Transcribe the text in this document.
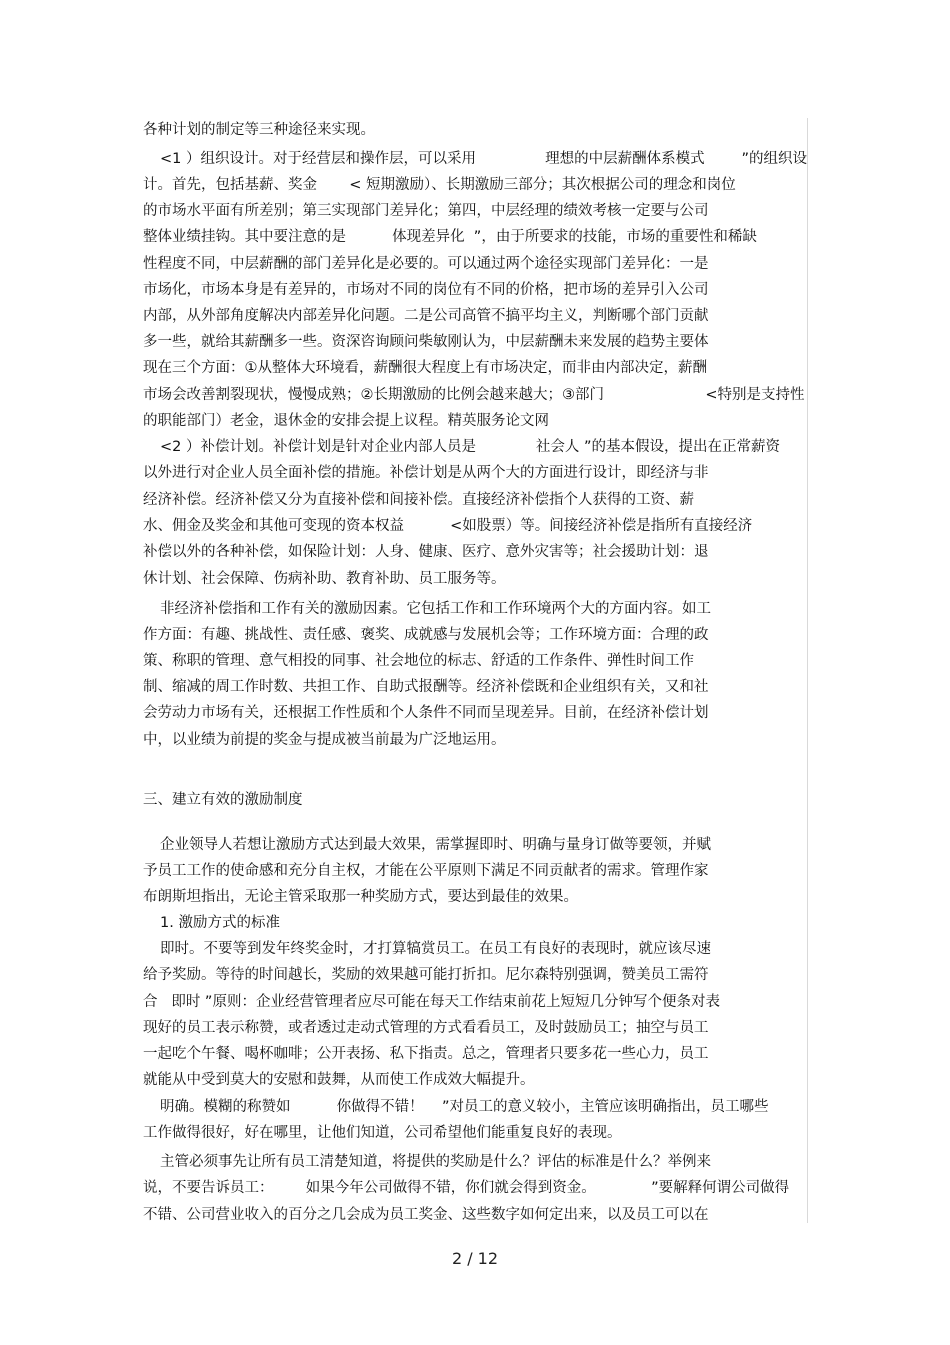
各种计划的制定等三种途径来实现。
<1 ）组织设计。对于经营层和操作层，可以采用               理想的中层薪酬体系模式        ”的组织设
计。首先，包括基薪、奖金       < 短期激励）、长期激励三部分；其次根据公司的理念和岗位
的市场水平面有所差别；第三实现部门差异化；第四，中层经理的绩效考核一定要与公司
整体业绩挂钩。其中要注意的是          体现差异化  ”，由于所要求的技能，市场的重要性和稀缺
性程度不同，中层薪酬的部门差异化是必要的。可以通过两个途径实现部门差异化：一是
市场化，市场本身是有差异的，市场对不同的岗位有不同的价格，把市场的差异引入公司
内部，从外部角度解决内部差异化问题。二是公司高管不搞平均主义，判断哪个部门贡献
多一些，就给其薪酬多一些。资深咨询顾问柴敏刚认为，中层薪酬未来发展的趋势主要体
现在三个方面：①从整体大环境看，薪酬很大程度上有市场决定，而非由内部决定，薪酬
市场会改善割裂现状，慢慢成熟；②长期激励的比例会越来越大；③部门                      <特别是支持性
的职能部门）老金，退休金的安排会提上议程。精英服务论文网
<2 ）补偿计划。补偿计划是针对企业内部人员是             社会人 ”的基本假设，提出在正常薪资
以外进行对企业人员全面补偿的措施。补偿计划是从两个大的方面进行设计，即经济与非
经济补偿。经济补偿又分为直接补偿和间接补偿。直接经济补偿指个人获得的工资、薪
水、佣金及奖金和其他可变现的资本权益          <如股票）等。间接经济补偿是指所有直接经济
补偿以外的各种补偿，如保险计划：人身、健康、医疗、意外灾害等；社会援助计划：退
休计划、社会保障、伤病补助、教育补助、员工服务等。
非经济补偿指和工作有关的激励因素。它包括工作和工作环境两个大的方面内容。如工
作方面：有趣、挑战性、责任感、褒奖、成就感与发展机会等；工作环境方面：合理的政
策、称职的管理、意气相投的同事、社会地位的标志、舒适的工作条件、弹性时间工作
制、缩减的周工作时数、共担工作、自助式报酬等。经济补偿既和企业组织有关，又和社
会劳动力市场有关，还根据工作性质和个人条件不同而呈现差异。目前，在经济补偿计划
中，以业绩为前提的奖金与提成被当前最为广泛地运用。
三、建立有效的激励制度
企业领导人若想让激励方式达到最大效果，需掌握即时、明确与量身订做等要领，并赋
予员工工作的使命感和充分自主权，才能在公平原则下满足不同贡献者的需求。管理作家
布朗斯坦指出，无论主管采取那一种奖励方式，要达到最佳的效果。
1. 激励方式的标准
即时。不要等到发年终奖金时，才打算犒赏员工。在员工有良好的表现时，就应该尽速
给予奖励。等待的时间越长，奖励的效果越可能打折扣。尼尔森特别强调，赞美员工需符
合   即时 ”原则：企业经营管理者应尽可能在每天工作结束前花上短短几分钟写个便条对表
现好的员工表示称赞，或者透过走动式管理的方式看看员工，及时鼓励员工；抽空与员工
一起吃个午餐、喝杯咖啡；公开表扬、私下指责。总之，管理者只要多花一些心力，员工
就能从中受到莫大的安慰和鼓舞，从而使工作成效大幅提升。
明确。模糊的称赞如          你做得不错！    ”对员工的意义较小，主管应该明确指出，员工哪些
工作做得很好，好在哪里，让他们知道，公司希望他们能重复良好的表现。
主管必须事先让所有员工清楚知道，将提供的奖励是什么？评估的标准是什么？举例来
说，不要告诉员工：       如果今年公司做得不错，你们就会得到资金。            ”要解释何谓公司做得
不错、公司营业收入的百分之几会成为员工奖金、这些数字如何定出来，以及员工可以在
2 / 12
